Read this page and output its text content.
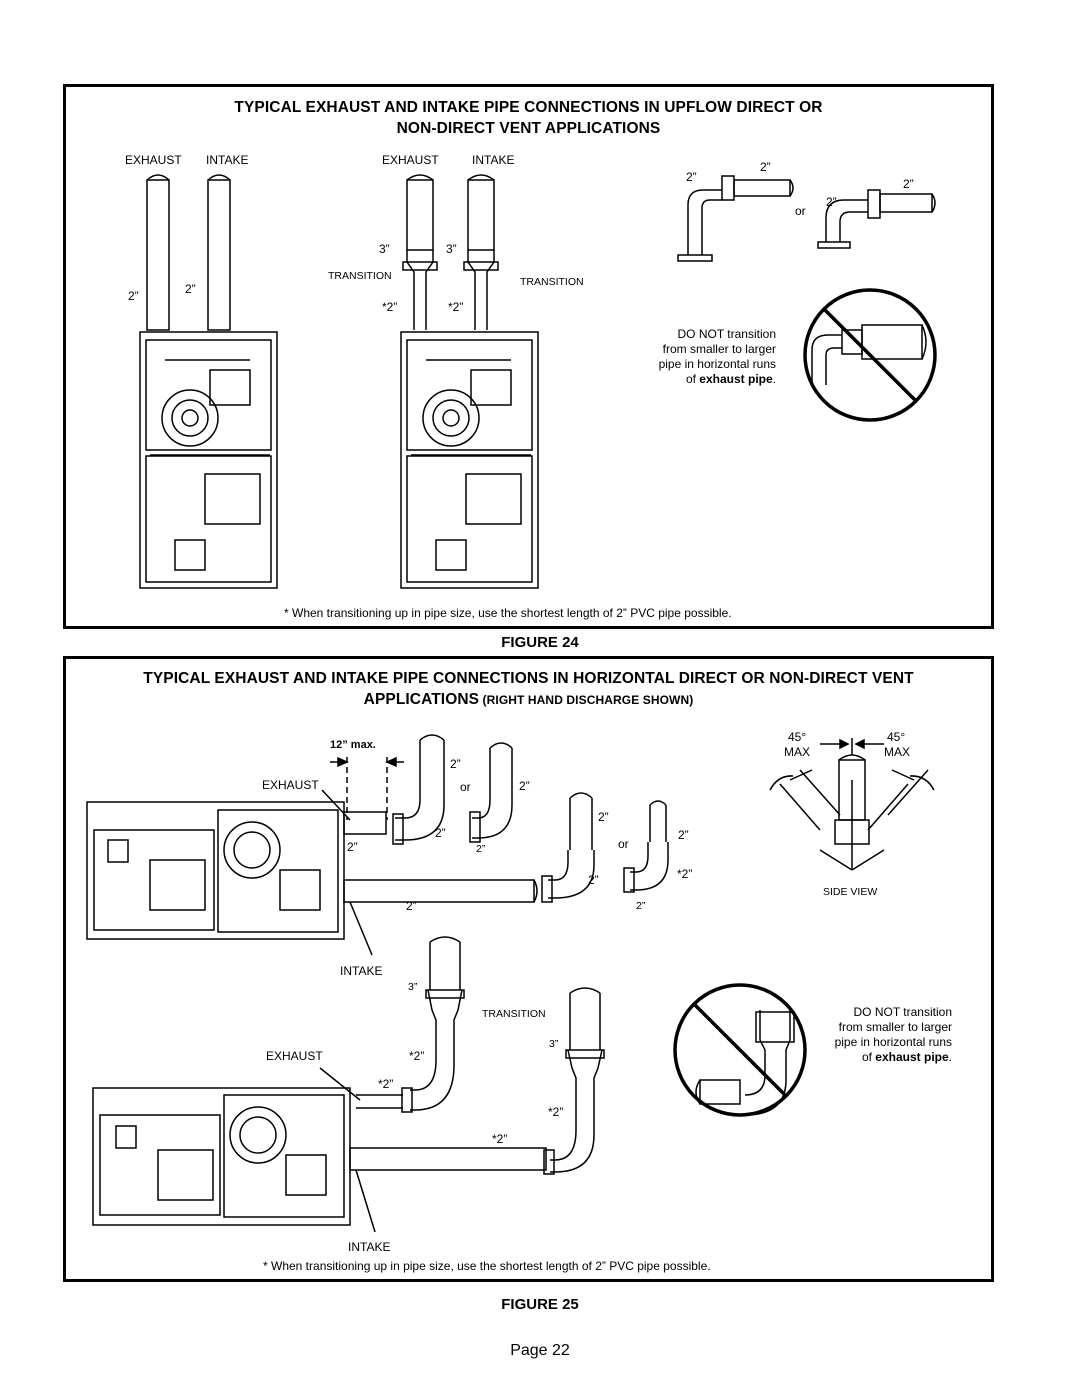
TYPICAL EXHAUST AND INTAKE PIPE CONNECTIONS IN UPFLOW DIRECT OR
NON-DIRECT VENT APPLICATIONS
EXHAUST INTAKE
2”	2”
EXHAUST	INTAKE
3”	3”
TRANSITION	TRANSITION
*2”	*2”
2”
2”
or
2”
2”
DO NOT transition
from smaller to larger
pipe in horizontal runs
of exhaust pipe.
* When transitioning up in pipe size, use the shortest length of 2” PVC pipe possible.
FIGURE 24
TYPICAL EXHAUST AND INTAKE PIPE CONNECTIONS IN HORIZONTAL DIRECT OR NON-DIRECT VENT
APPLICATIONS (RIGHT HAND DISCHARGE SHOWN)
12” max.
EXHAUST
2”
or	2”
2”
2”
2”	2”	or
2”
*2”
2”
2”	2”
45°	45°
MAX	MAX
SIDE VIEW
INTAKE
3”
TRANSITION
3”
EXHAUST	*2”
*2”
*2”
*2”
DO NOT transition
from smaller to larger
pipe in horizontal runs
of exhaust pipe.
INTAKE
* When transitioning up in pipe size, use the shortest length of 2” PVC pipe possible.
FIGURE 25
Page 22
